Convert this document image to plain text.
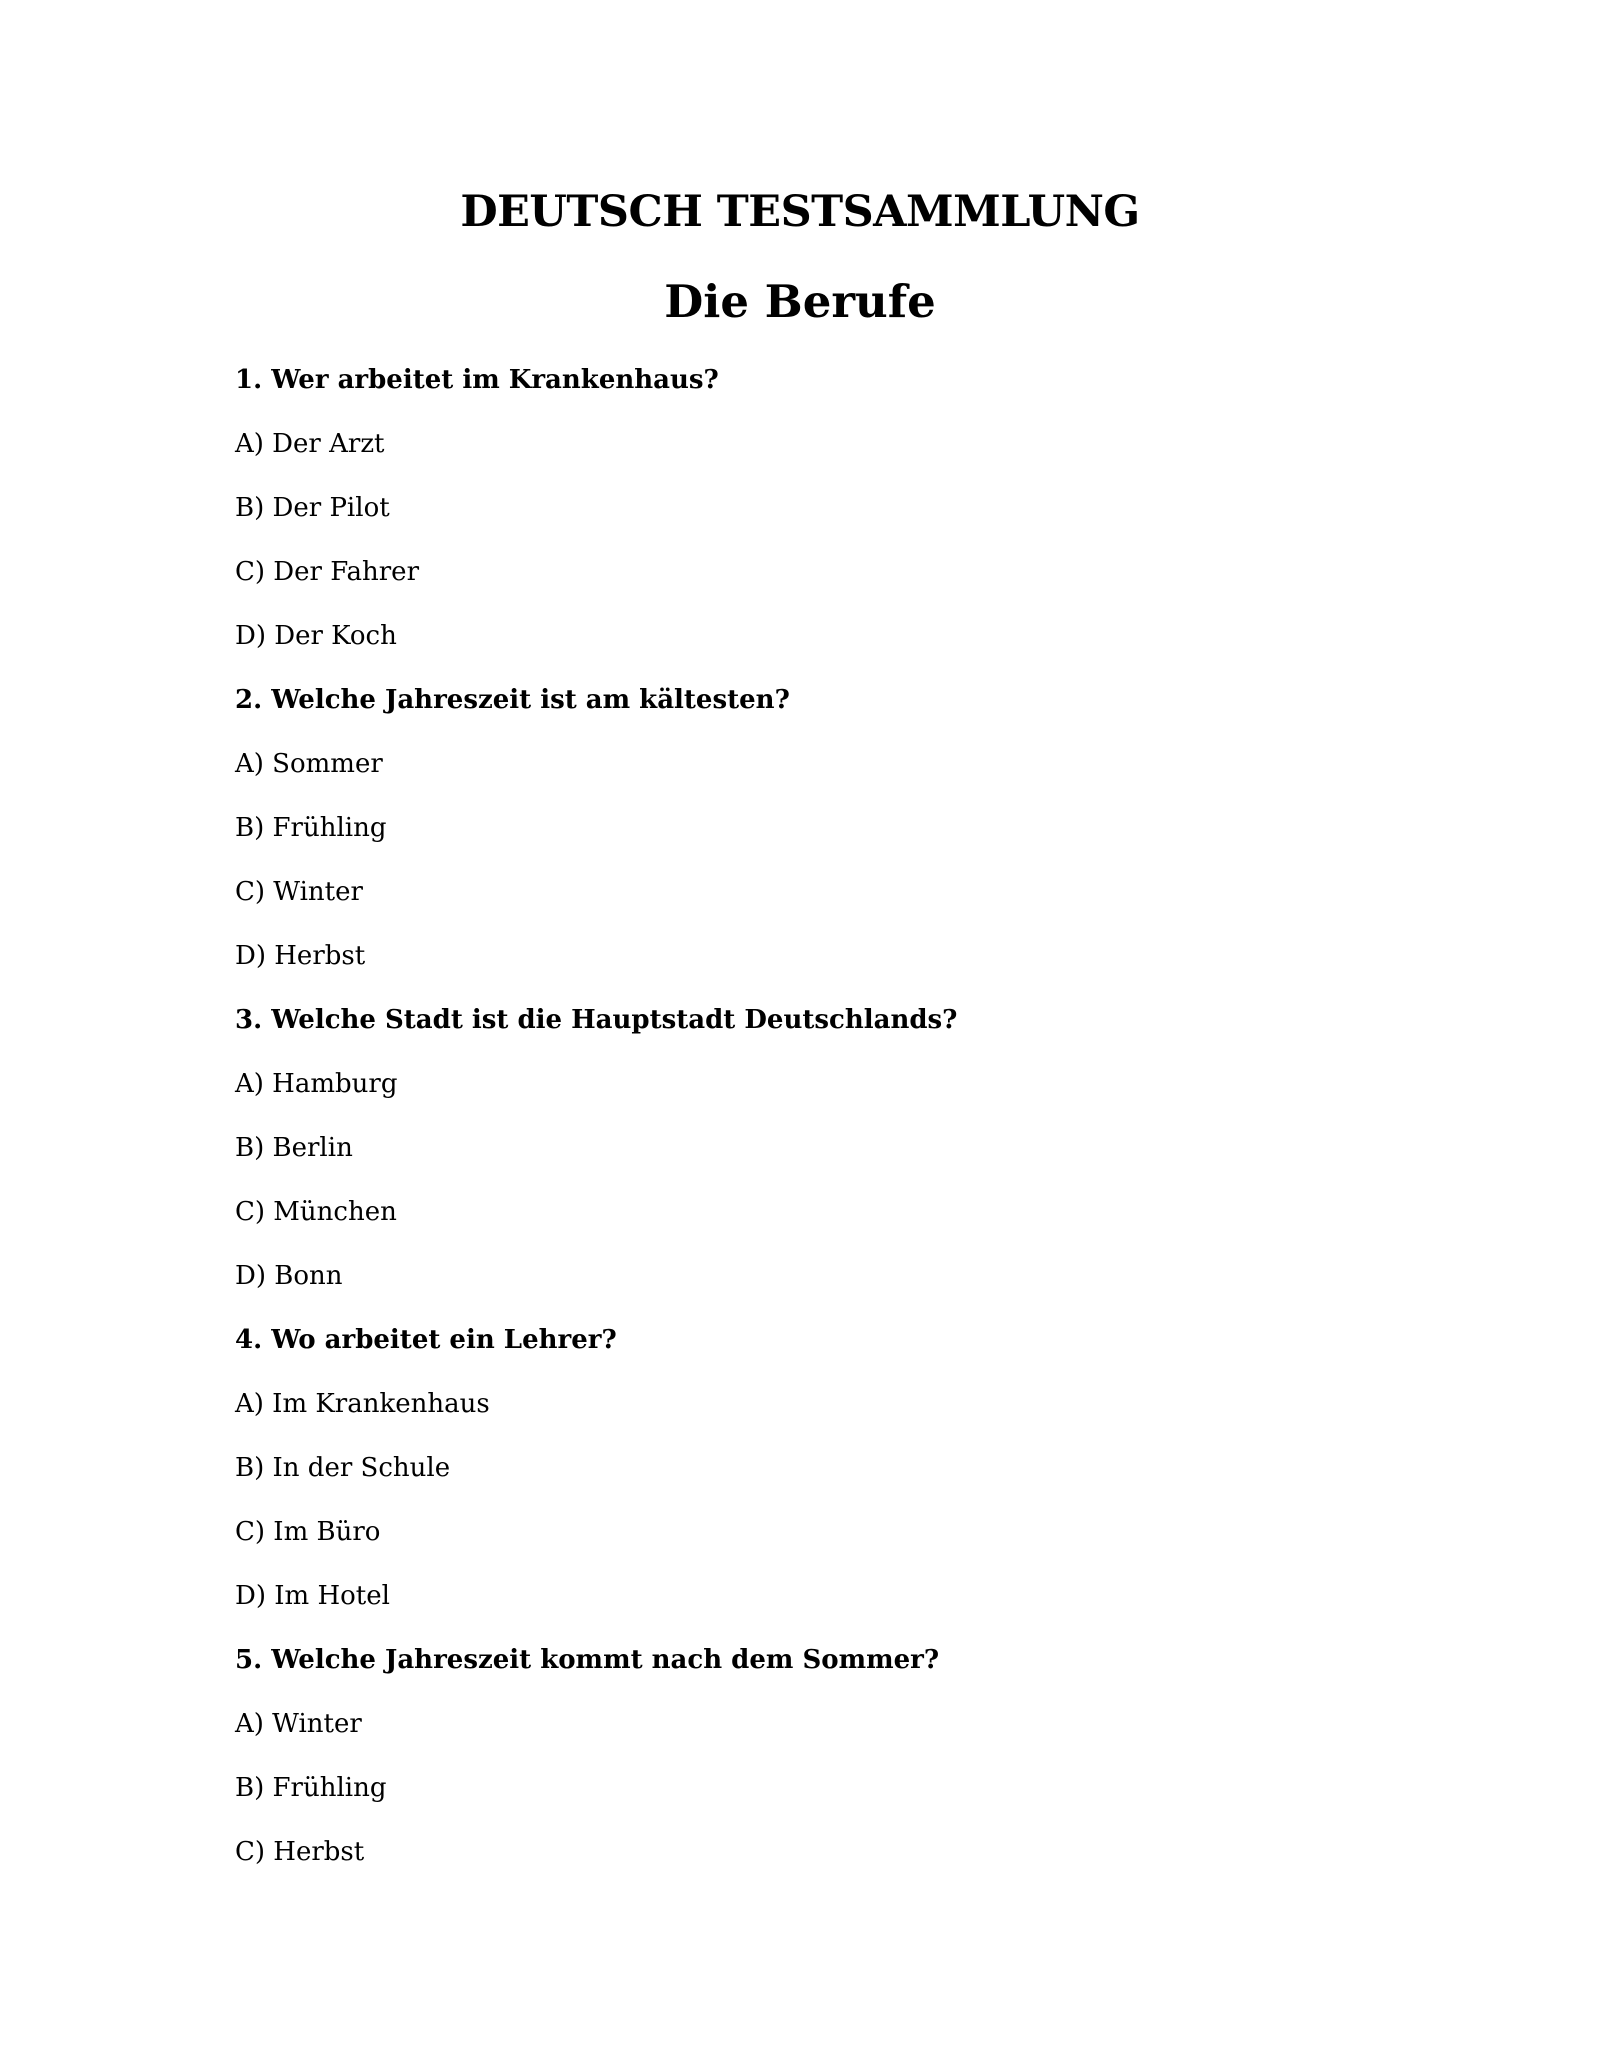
DEUTSCH TESTSAMMLUNG
Die Berufe
1. Wer arbeitet im Krankenhaus?
A) Der Arzt
B) Der Pilot
C) Der Fahrer
D) Der Koch
2. Welche Jahreszeit ist am kältesten?
A) Sommer
B) Frühling
C) Winter
D) Herbst
3. Welche Stadt ist die Hauptstadt Deutschlands?
A) Hamburg
B) Berlin
C) München
D) Bonn
4. Wo arbeitet ein Lehrer?
A) Im Krankenhaus
B) In der Schule
C) Im Büro
D) Im Hotel
5. Welche Jahreszeit kommt nach dem Sommer?
A) Winter
B) Frühling
C) Herbst
